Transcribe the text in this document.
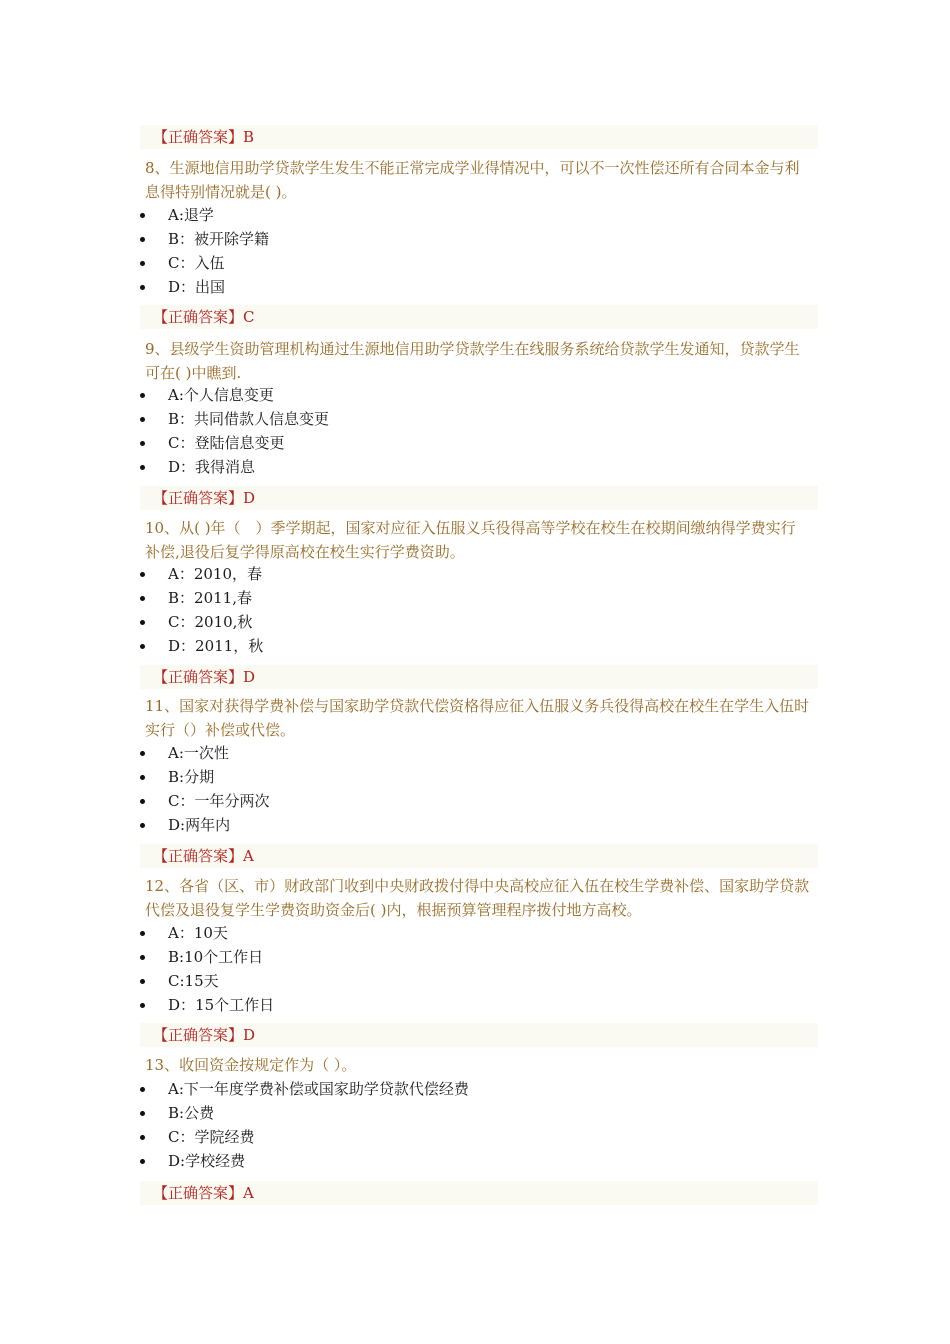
【正确答案】B
8、生源地信用助学贷款学生发生不能正常完成学业得情况中，可以不一次性偿还所有合同本金与利息得特别情况就是( )。
A:退学
B：被开除学籍
C：入伍
D：出国
【正确答案】C
9、县级学生资助管理机构通过生源地信用助学贷款学生在线服务系统给贷款学生发通知，贷款学生可在( )中瞧到.
A:个人信息变更
B：共同借款人信息变更
C：登陆信息变更
D：我得消息
【正确答案】D
10、从( )年（　）季学期起，国家对应征入伍服义兵役得高等学校在校生在校期间缴纳得学费实行补偿,退役后复学得原高校在校生实行学费资助。
A：2010，春
B：2011,春
C：2010,秋
D：2011，秋
【正确答案】D
11、国家对获得学费补偿与国家助学贷款代偿资格得应征入伍服义务兵役得高校在校生在学生入伍时实行（）补偿或代偿。
A:一次性
B:分期
C：一年分两次
D:两年内
【正确答案】A
12、各省（区、市）财政部门收到中央财政拨付得中央高校应征入伍在校生学费补偿、国家助学贷款代偿及退役复学生学费资助资金后( )内，根据预算管理程序拨付地方高校。
A：10天
B:10个工作日
C:15天
D：15个工作日
【正确答案】D
13、收回资金按规定作为（ ）。
A:下一年度学费补偿或国家助学贷款代偿经费
B:公费
C：学院经费
D:学校经费
【正确答案】A
